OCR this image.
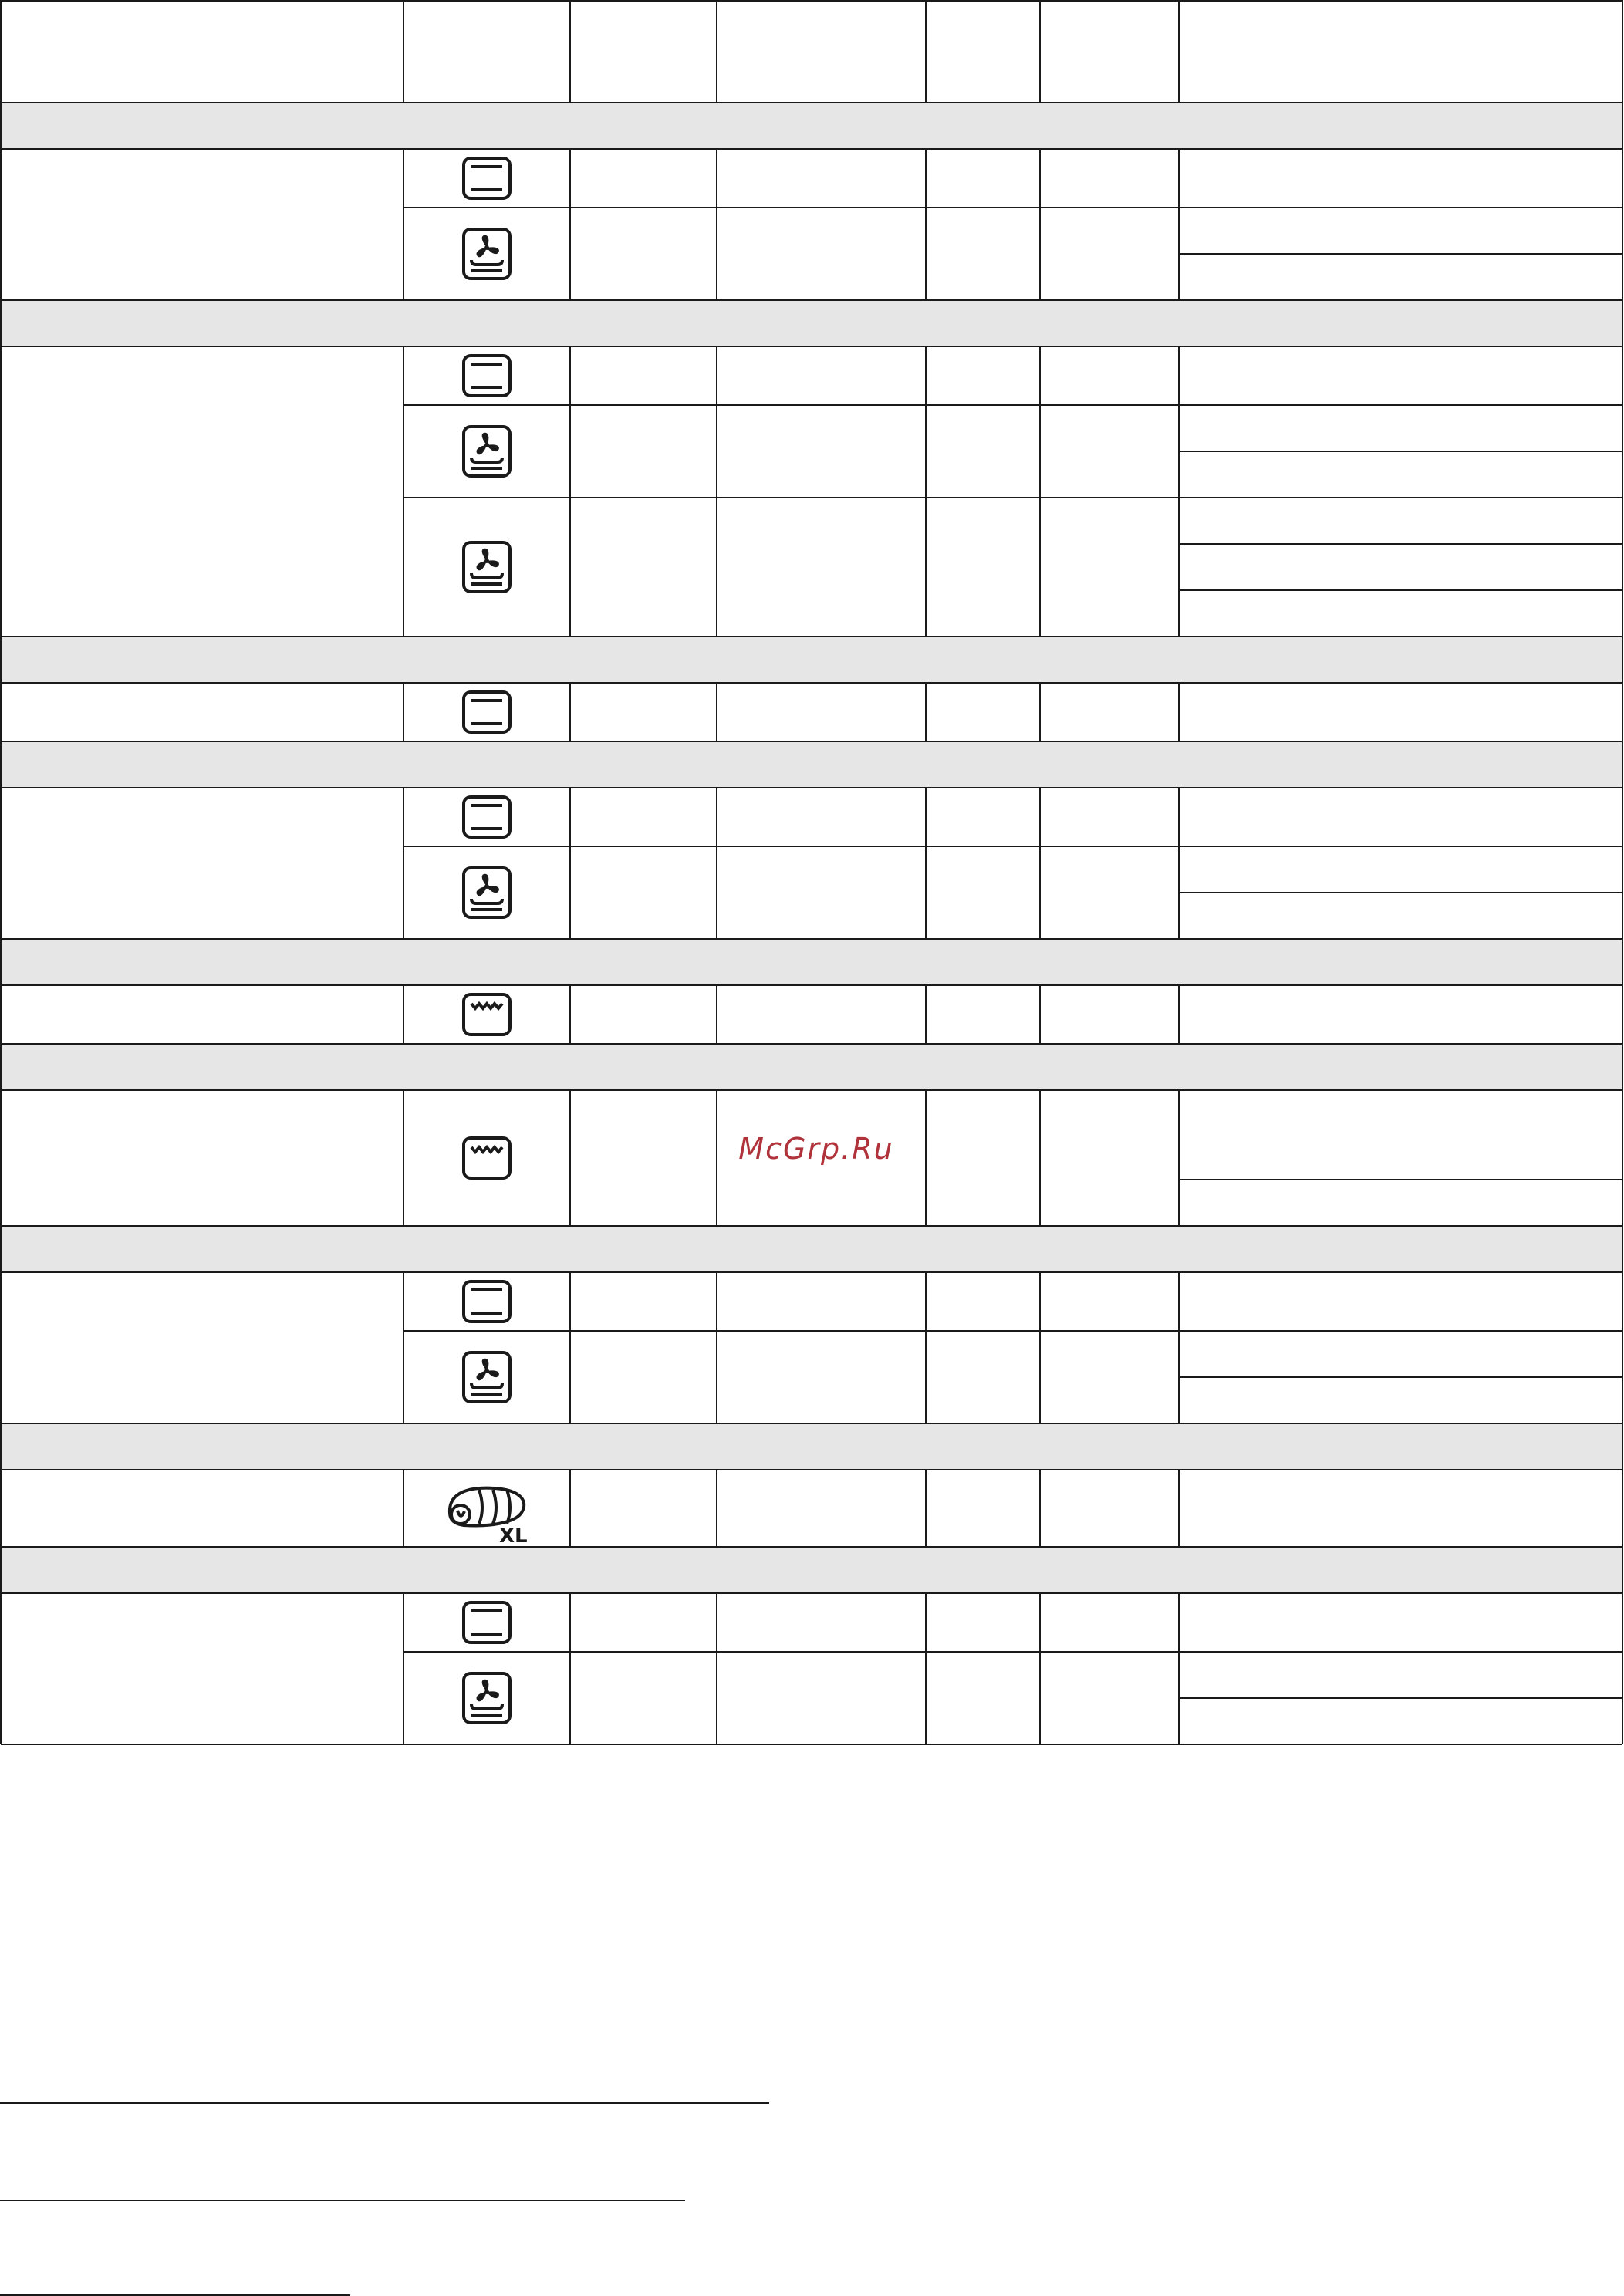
XL
McGrp.Ru
